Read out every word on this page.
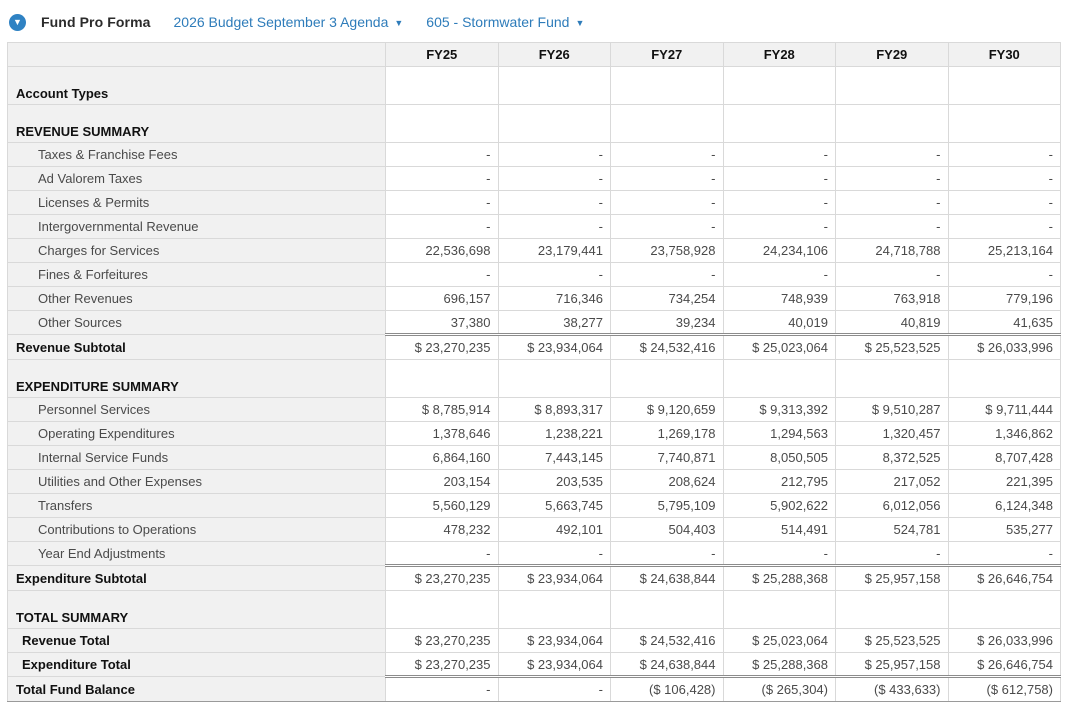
▼ Fund Pro Forma 2026 Budget September 3 Agenda ▼ 605 - Stormwater Fund ▼
	FY25	FY26	FY27	FY28	FY29	FY30
Account Types						
REVENUE SUMMARY						
Taxes & Franchise Fees	-	-	-	-	-	-
Ad Valorem Taxes	-	-	-	-	-	-
Licenses & Permits	-	-	-	-	-	-
Intergovernmental Revenue	-	-	-	-	-	-
Charges for Services	22,536,698	23,179,441	23,758,928	24,234,106	24,718,788	25,213,164
Fines & Forfeitures	-	-	-	-	-	-
Other Revenues	696,157	716,346	734,254	748,939	763,918	779,196
Other Sources	37,380	38,277	39,234	40,019	40,819	41,635
Revenue Subtotal	$ 23,270,235	$ 23,934,064	$ 24,532,416	$ 25,023,064	$ 25,523,525	$ 26,033,996
EXPENDITURE SUMMARY						
Personnel Services	$ 8,785,914	$ 8,893,317	$ 9,120,659	$ 9,313,392	$ 9,510,287	$ 9,711,444
Operating Expenditures	1,378,646	1,238,221	1,269,178	1,294,563	1,320,457	1,346,862
Internal Service Funds	6,864,160	7,443,145	7,740,871	8,050,505	8,372,525	8,707,428
Utilities and Other Expenses	203,154	203,535	208,624	212,795	217,052	221,395
Transfers	5,560,129	5,663,745	5,795,109	5,902,622	6,012,056	6,124,348
Contributions to Operations	478,232	492,101	504,403	514,491	524,781	535,277
Year End Adjustments	-	-	-	-	-	-
Expenditure Subtotal	$ 23,270,235	$ 23,934,064	$ 24,638,844	$ 25,288,368	$ 25,957,158	$ 26,646,754
TOTAL SUMMARY						
Revenue Total	$ 23,270,235	$ 23,934,064	$ 24,532,416	$ 25,023,064	$ 25,523,525	$ 26,033,996
Expenditure Total	$ 23,270,235	$ 23,934,064	$ 24,638,844	$ 25,288,368	$ 25,957,158	$ 26,646,754
Total Fund Balance	-	-	($ 106,428)	($ 265,304)	($ 433,633)	($ 612,758)
